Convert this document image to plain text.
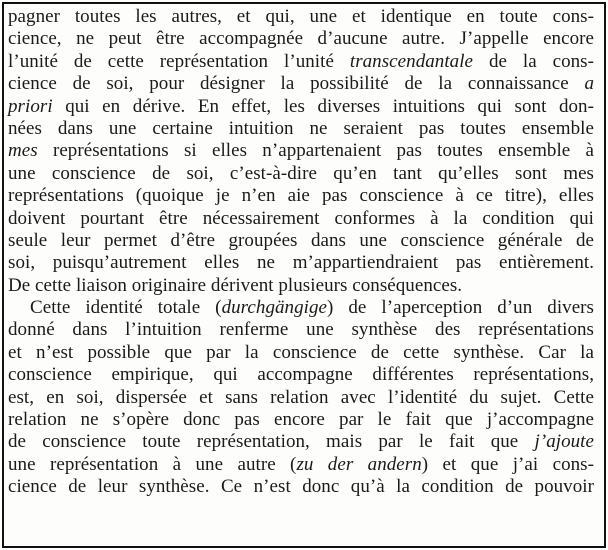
pagner toutes les autres, et qui, une et identique en toute cons-
cience, ne peut être accompagnée d’aucune autre. J’appelle encore
l’unité de cette représentation l’unité transcendantale de la cons-
cience de soi, pour désigner la possibilité de la connaissance a
priori qui en dérive. En effet, les diverses intuitions qui sont don-
nées dans une certaine intuition ne seraient pas toutes ensemble
mes représentations si elles n’appartenaient pas toutes ensemble à
une conscience de soi, c’est-à-dire qu’en tant qu’elles sont mes
représentations (quoique je n’en aie pas conscience à ce titre), elles
doivent pourtant être nécessairement conformes à la condition qui
seule leur permet d’être groupées dans une conscience générale de
soi, puisqu’autrement elles ne m’appartiendraient pas entièrement.
De cette liaison originaire dérivent plusieurs conséquences.
Cette identité totale (durchgängige) de l’aperception d’un divers
donné dans l’intuition renferme une synthèse des représentations
et n’est possible que par la conscience de cette synthèse. Car la
conscience empirique, qui accompagne différentes représentations,
est, en soi, dispersée et sans relation avec l’identité du sujet. Cette
relation ne s’opère donc pas encore par le fait que j’accompagne
de conscience toute représentation, mais par le fait que j’ajoute
une représentation à une autre (zu der andern) et que j’ai cons-
cience de leur synthèse. Ce n’est donc qu’à la condition de pouvoir
